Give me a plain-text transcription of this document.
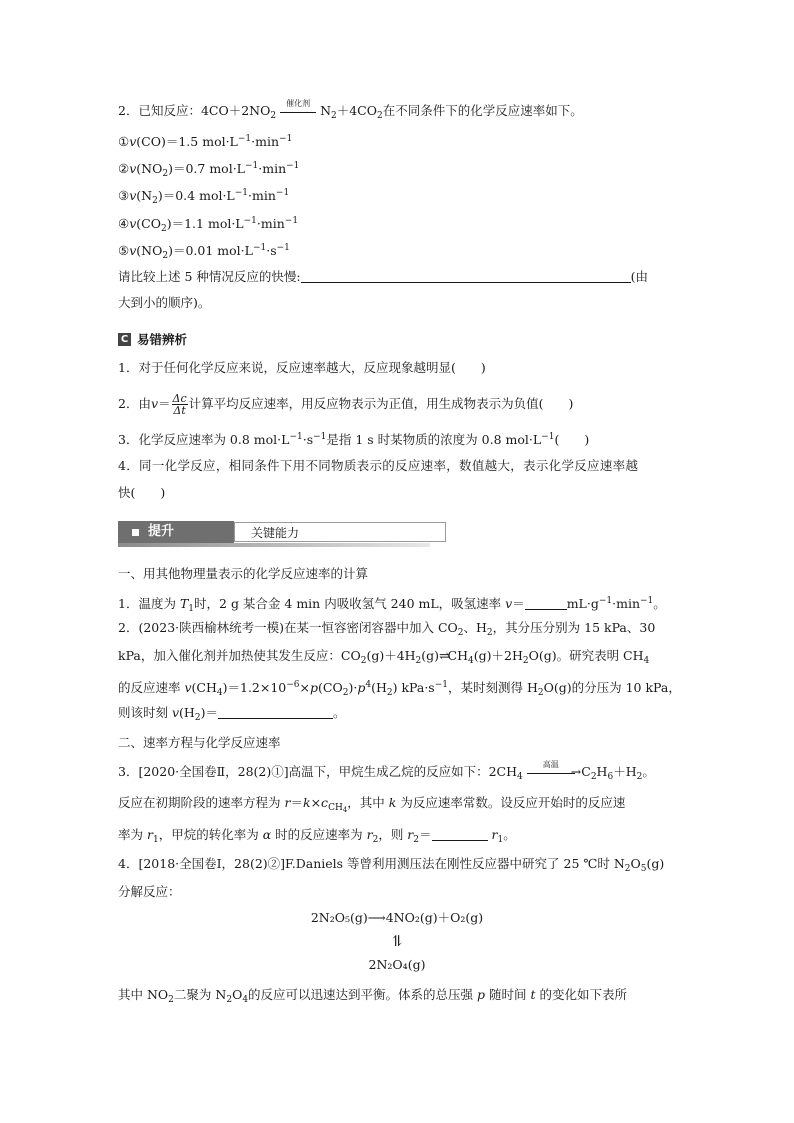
2．已知反应：$4CO+2NO_2$
催化剂 $N_2+4CO_2$在不同条件下的化学反应速率如下。
①v(CO)＝1.5 $mol\cdot L^{-1}\cdot\min^{-1}$
$②v(NO_2)=0.7$ $mol\cdot L^{-1}\cdot\min^{-1}$
$③v(N_2)=0.4$ $mol\cdot L^{-1}\cdot\min^{-1}$
$④v(CO_2)=1.1$ $mol\cdot L^{-1}\cdot\min^{-1}$
$⑤v(NO_2)=0.01$ $mol\cdot L^{-1}\cdot s^{-1}$
请比较上述 5 种情况反应的快慢:	(由
大到小的顺序)。
C 易错辨析
1．对于任何化学反应来说，反应速率越大，反应现象越明显(　　)
2．由$v= \frac{\Delta c}{\Delta t}$ 计算平均反应速率，用反应物表示为正值，用生成物表示为负值(　　)
3．化学反应速率为 0.8 $mol\cdot L^{-1}\cdot s^{-1}$是指 1 s 时某物质的浓度为 0.8 $mol\cdot L^{-1}$(　　)
4．同一化学反应，相同条件下用不同物质表示的反应速率，数值越大，表示化学反应速率越
快(　　)
提升	关键能力
一、用其他物理量表示的化学反应速率的计算
1．温度为 $T_1$时，2 g 某合金 4 min 内吸收氢气 240 mL，吸氢速率 v＝	$mL\cdot g^{-1}\cdot\min^{-1}$。
2．(2023·陕西榆林统考一模)在某一恒容密闭容器中加入 $CO_2$、$H_2$，其分压分别为 15 kPa、30
kPa，加入催化剂并加热使其发生反应：$CO_2(g)+4H_2(g)\rightleftharpoons CH_4(g)+2H_2O(g)$。研究表明 $CH_4$
的反应速率 $v(CH_4)=1.2\times 10^{-6}\times p(CO_2)\cdot p^4(H_2)$ $kPa\cdot s^{-1}$，某时刻测得 $H_2O(g)$的分压为 10 kPa，
则该时刻 $v(H_2)=$	。
二、速率方程与化学反应速率
3．[2020·全国卷Ⅱ，28(2)①]高温下，甲烷生成乙烷的反应如下：$2CH_4$
高温 $\to C_2H_6+H_2$。
反应在初期阶段的速率方程为 $r=k\times c_{CH4}$，其中 k 为反应速率常数。设反应开始时的反应速
率为 $r_1$，甲烷的转化率为 α 时的反应速率为 $r_2$，则 $r_2=$	$r_1$。
4．[2018·全国卷Ⅰ，28(2)②]F.Daniels 等曾利用测压法在刚性反应器中研究了 25 ℃时 $N_2O_5(g)$
分解反应：
2N₂O₅(g)⟶4NO₂(g)＋O₂(g)
⥮
2N₂O₄(g)
其中 $NO_2$二聚为 $N_2O_4$的反应可以迅速达到平衡。体系的总压强 p 随时间 t 的变化如下表所
